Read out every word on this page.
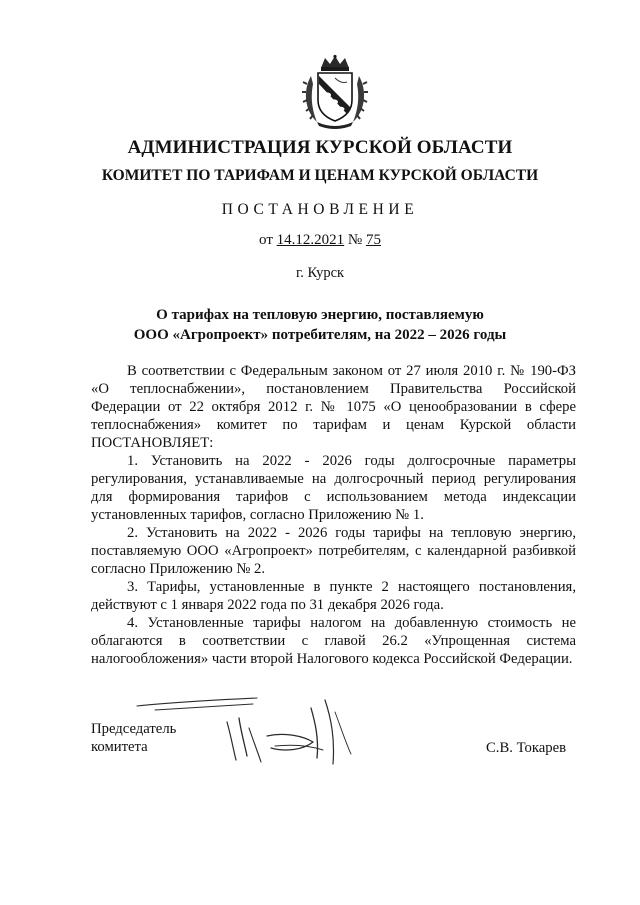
АДМИНИСТРАЦИЯ КУРСКОЙ ОБЛАСТИ
КОМИТЕТ ПО ТАРИФАМ И ЦЕНАМ КУРСКОЙ ОБЛАСТИ
ПОСТАНОВЛЕНИЕ
от 14.12.2021 № 75
г. Курск
О тарифах на тепловую энергию, поставляемую
ООО «Агропроект» потребителям, на 2022 – 2026 годы

В соответствии с Федеральным законом от 27 июля 2010 г. № 190-ФЗ «О теплоснабжении», постановлением Правительства Российской Федерации от 22 октября 2012 г. № 1075 «О ценообразовании в сфере теплоснабжения» комитет по тарифам и ценам Курской области ПОСТАНОВЛЯЕТ:

1. Установить на 2022 - 2026 годы долгосрочные параметры регулирования, устанавливаемые на долгосрочный период регулирования для формирования тарифов с использованием метода индексации установленных тарифов, согласно Приложению № 1.

2. Установить на 2022 - 2026 годы тарифы на тепловую энергию, поставляемую ООО «Агропроект» потребителям, с календарной разбивкой согласно Приложению № 2.

3. Тарифы, установленные в пункте 2 настоящего постановления, действуют с 1 января 2022 года по 31 декабря 2026 года.

4. Установленные тарифы налогом на добавленную стоимость не облагаются в соответствии с главой 26.2 «Упрощенная система налогообложения» части второй Налогового кодекса Российской Федерации.

Председатель
комитета	С.В. Токарев
